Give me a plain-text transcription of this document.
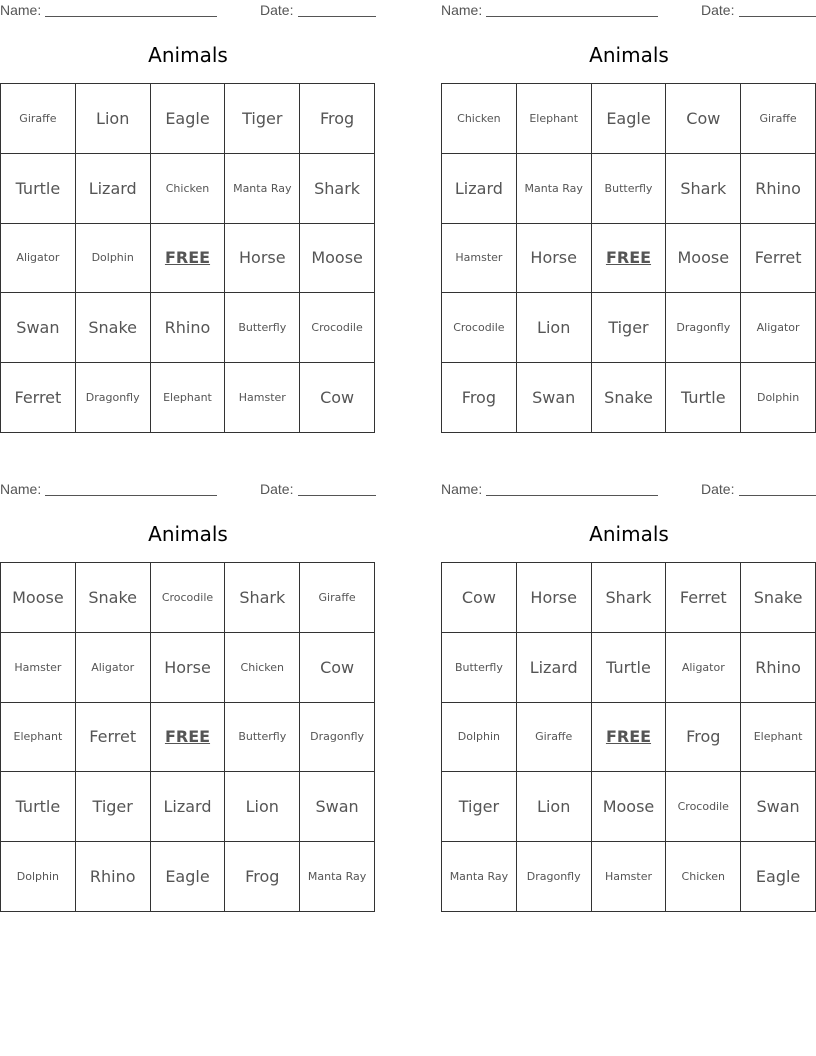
Name:	Date:
Animals
Giraffe	Lion	Eagle	Tiger	Frog
Turtle	Lizard	Chicken	Manta Ray	Shark
Aligator	Dolphin	FREE	Horse	Moose
Swan	Snake	Rhino	Butterfly	Crocodile
Ferret	Dragonfly	Elephant	Hamster	Cow
Name:	Date:
Animals
Chicken	Elephant	Eagle	Cow	Giraffe
Lizard	Manta Ray	Butterfly	Shark	Rhino
Hamster	Horse	FREE	Moose	Ferret
Crocodile	Lion	Tiger	Dragonfly	Aligator
Frog	Swan	Snake	Turtle	Dolphin
Name:	Date:
Animals
Moose	Snake	Crocodile	Shark	Giraffe
Hamster	Aligator	Horse	Chicken	Cow
Elephant	Ferret	FREE	Butterfly	Dragonfly
Turtle	Tiger	Lizard	Lion	Swan
Dolphin	Rhino	Eagle	Frog	Manta Ray
Name:	Date:
Animals
Cow	Horse	Shark	Ferret	Snake
Butterfly	Lizard	Turtle	Aligator	Rhino
Dolphin	Giraffe	FREE	Frog	Elephant
Tiger	Lion	Moose	Crocodile	Swan
Manta Ray	Dragonfly	Hamster	Chicken	Eagle
